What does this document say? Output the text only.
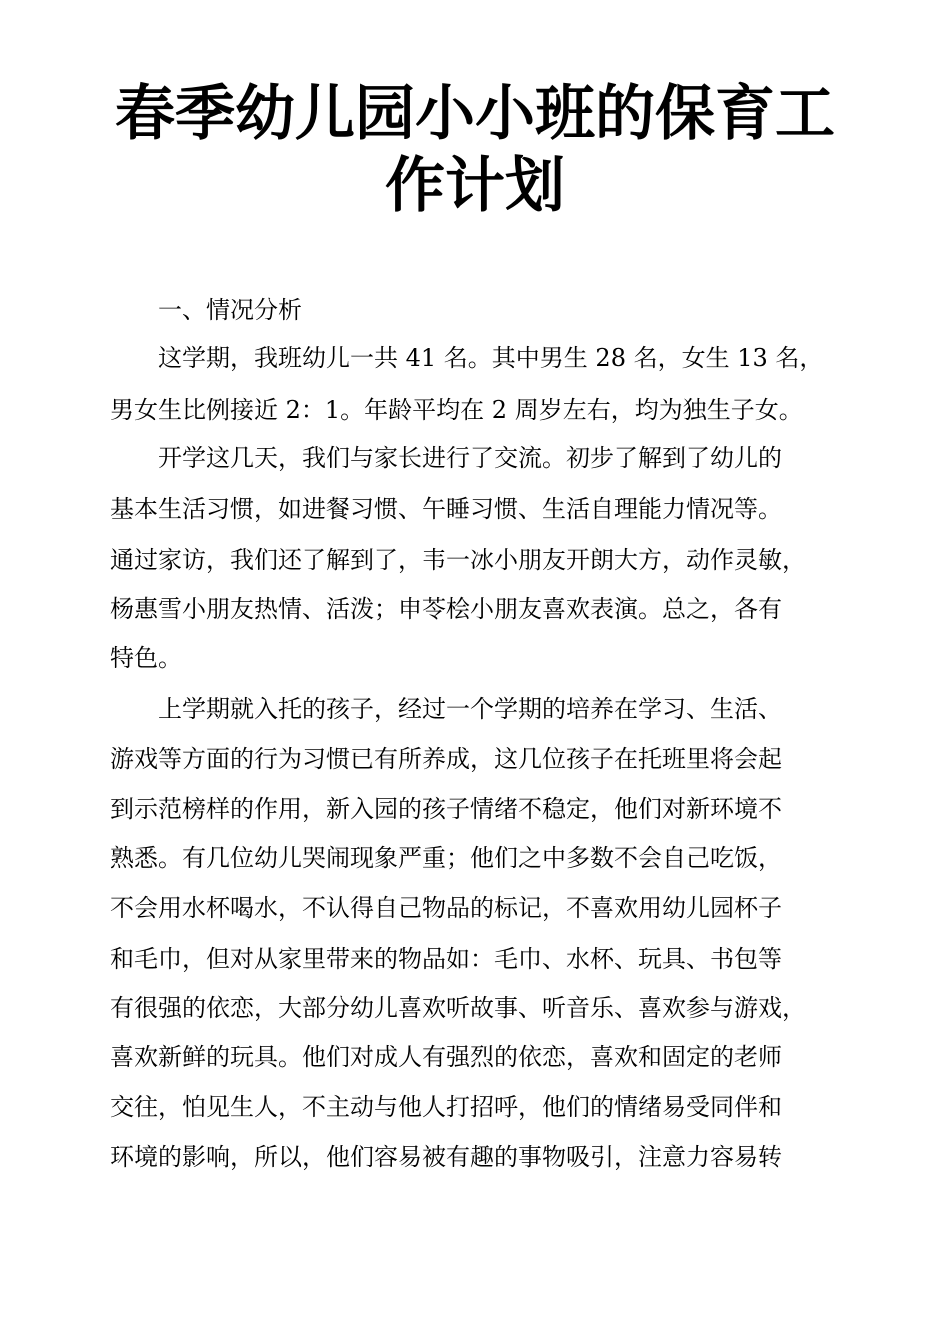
春季幼儿园小小班的保育工
作计划

一、情况分析

这学期，我班幼儿一共 41 名。其中男生 28 名，女生 13 名，

男女生比例接近 2：1。年龄平均在 2 周岁左右，均为独生子女。

开学这几天，我们与家长进行了交流。初步了解到了幼儿的

基本生活习惯，如进餐习惯、午睡习惯、生活自理能力情况等。

通过家访，我们还了解到了，韦一冰小朋友开朗大方，动作灵敏，

杨惠雪小朋友热情、活泼；申苓桧小朋友喜欢表演。总之，各有

特色。

上学期就入托的孩子，经过一个学期的培养在学习、生活、

游戏等方面的行为习惯已有所养成，这几位孩子在托班里将会起

到示范榜样的作用，新入园的孩子情绪不稳定，他们对新环境不

熟悉。有几位幼儿哭闹现象严重；他们之中多数不会自己吃饭，

不会用水杯喝水，不认得自己物品的标记，不喜欢用幼儿园杯子

和毛巾，但对从家里带来的物品如：毛巾、水杯、玩具、书包等

有很强的依恋，大部分幼儿喜欢听故事、听音乐、喜欢参与游戏，

喜欢新鲜的玩具。他们对成人有强烈的依恋，喜欢和固定的老师

交往，怕见生人，不主动与他人打招呼，他们的情绪易受同伴和

环境的影响，所以，他们容易被有趣的事物吸引，注意力容易转
